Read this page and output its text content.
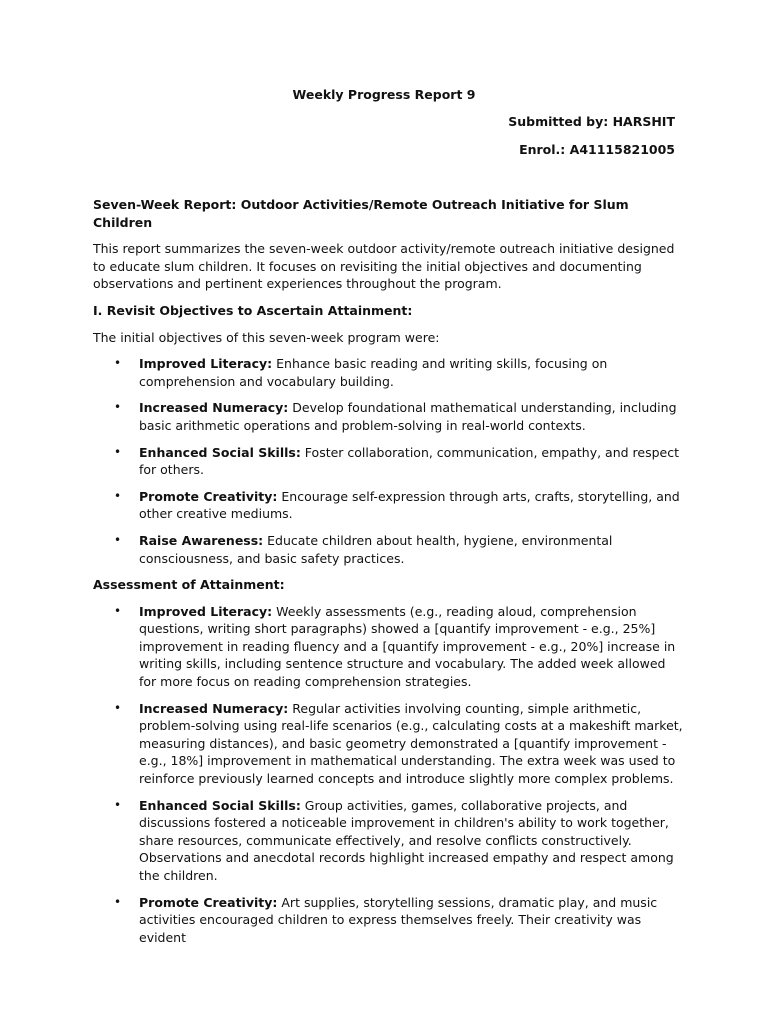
Weekly Progress Report 9
Submitted by: HARSHIT
Enrol.: A41115821005
Seven-Week Report: Outdoor Activities/Remote Outreach Initiative for Slum Children
This report summarizes the seven-week outdoor activity/remote outreach initiative designed to educate slum children. It focuses on revisiting the initial objectives and documenting observations and pertinent experiences throughout the program.
I. Revisit Objectives to Ascertain Attainment:
The initial objectives of this seven-week program were:
• Improved Literacy: Enhance basic reading and writing skills, focusing on comprehension and vocabulary building.
• Increased Numeracy: Develop foundational mathematical understanding, including basic arithmetic operations and problem-solving in real-world contexts.
• Enhanced Social Skills: Foster collaboration, communication, empathy, and respect for others.
• Promote Creativity: Encourage self-expression through arts, crafts, storytelling, and other creative mediums.
• Raise Awareness: Educate children about health, hygiene, environmental consciousness, and basic safety practices.
Assessment of Attainment:
• Improved Literacy: Weekly assessments (e.g., reading aloud, comprehension questions, writing short paragraphs) showed a [quantify improvement - e.g., 25%] improvement in reading fluency and a [quantify improvement - e.g., 20%] increase in writing skills, including sentence structure and vocabulary. The added week allowed for more focus on reading comprehension strategies.
• Increased Numeracy: Regular activities involving counting, simple arithmetic, problem-solving using real-life scenarios (e.g., calculating costs at a makeshift market, measuring distances), and basic geometry demonstrated a [quantify improvement - e.g., 18%] improvement in mathematical understanding. The extra week was used to reinforce previously learned concepts and introduce slightly more complex problems.
• Enhanced Social Skills: Group activities, games, collaborative projects, and discussions fostered a noticeable improvement in children's ability to work together, share resources, communicate effectively, and resolve conflicts constructively. Observations and anecdotal records highlight increased empathy and respect among the children.
• Promote Creativity: Art supplies, storytelling sessions, dramatic play, and music activities encouraged children to express themselves freely. Their creativity was evident
